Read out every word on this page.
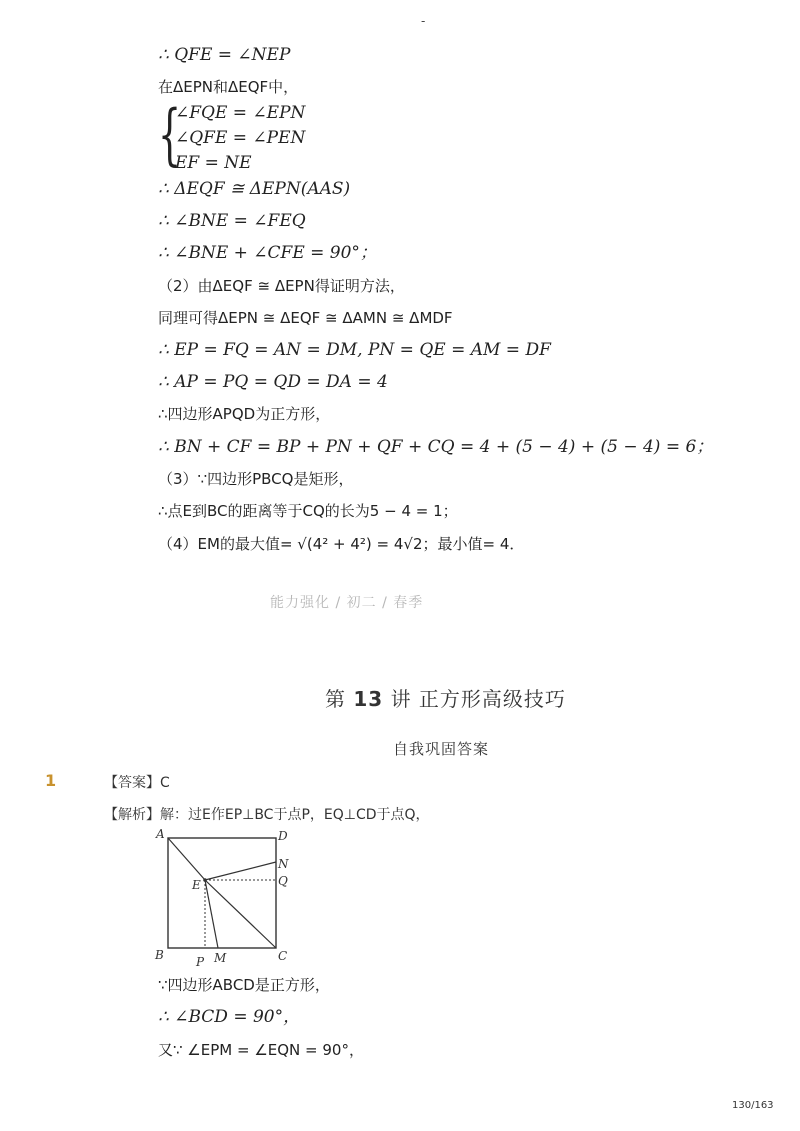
-
∴ QFE = ∠NEP
在ΔEPN和ΔEQF中，
{
∠FQE = ∠EPN
∠QFE = ∠PEN
EF = NE
∴ ΔEQF ≅ ΔEPN(AAS)
∴ ∠BNE = ∠FEQ
∴ ∠BNE + ∠CFE = 90°；
（2）由ΔEQF ≅ ΔEPN得证明方法，
同理可得ΔEPN ≅ ΔEQF ≅ ΔAMN ≅ ΔMDF
∴ EP = FQ = AN = DM, PN = QE = AM = DF
∴ AP = PQ = QD = DA = 4
∴四边形APQD为正方形，
∴ BN + CF = BP + PN + QF + CQ = 4 + (5 − 4) + (5 − 4) = 6；
（3）∵四边形PBCQ是矩形，
∴点E到BC的距离等于CQ的长为5 − 4 = 1；
（4）EM的最大值= √(4² + 4²) = 4√2；最小值= 4．
能力强化 / 初二 / 春季
第 13 讲 正方形高级技巧
自我巩固答案
1	【答案】C
【解析】解：过E作EP⊥BC于点P，EQ⊥CD于点Q，
A	D
N
E	Q
B	P M	C
∵四边形ABCD是正方形，
∴ ∠BCD = 90°，
又∵ ∠EPM = ∠EQN = 90°，
130/163
